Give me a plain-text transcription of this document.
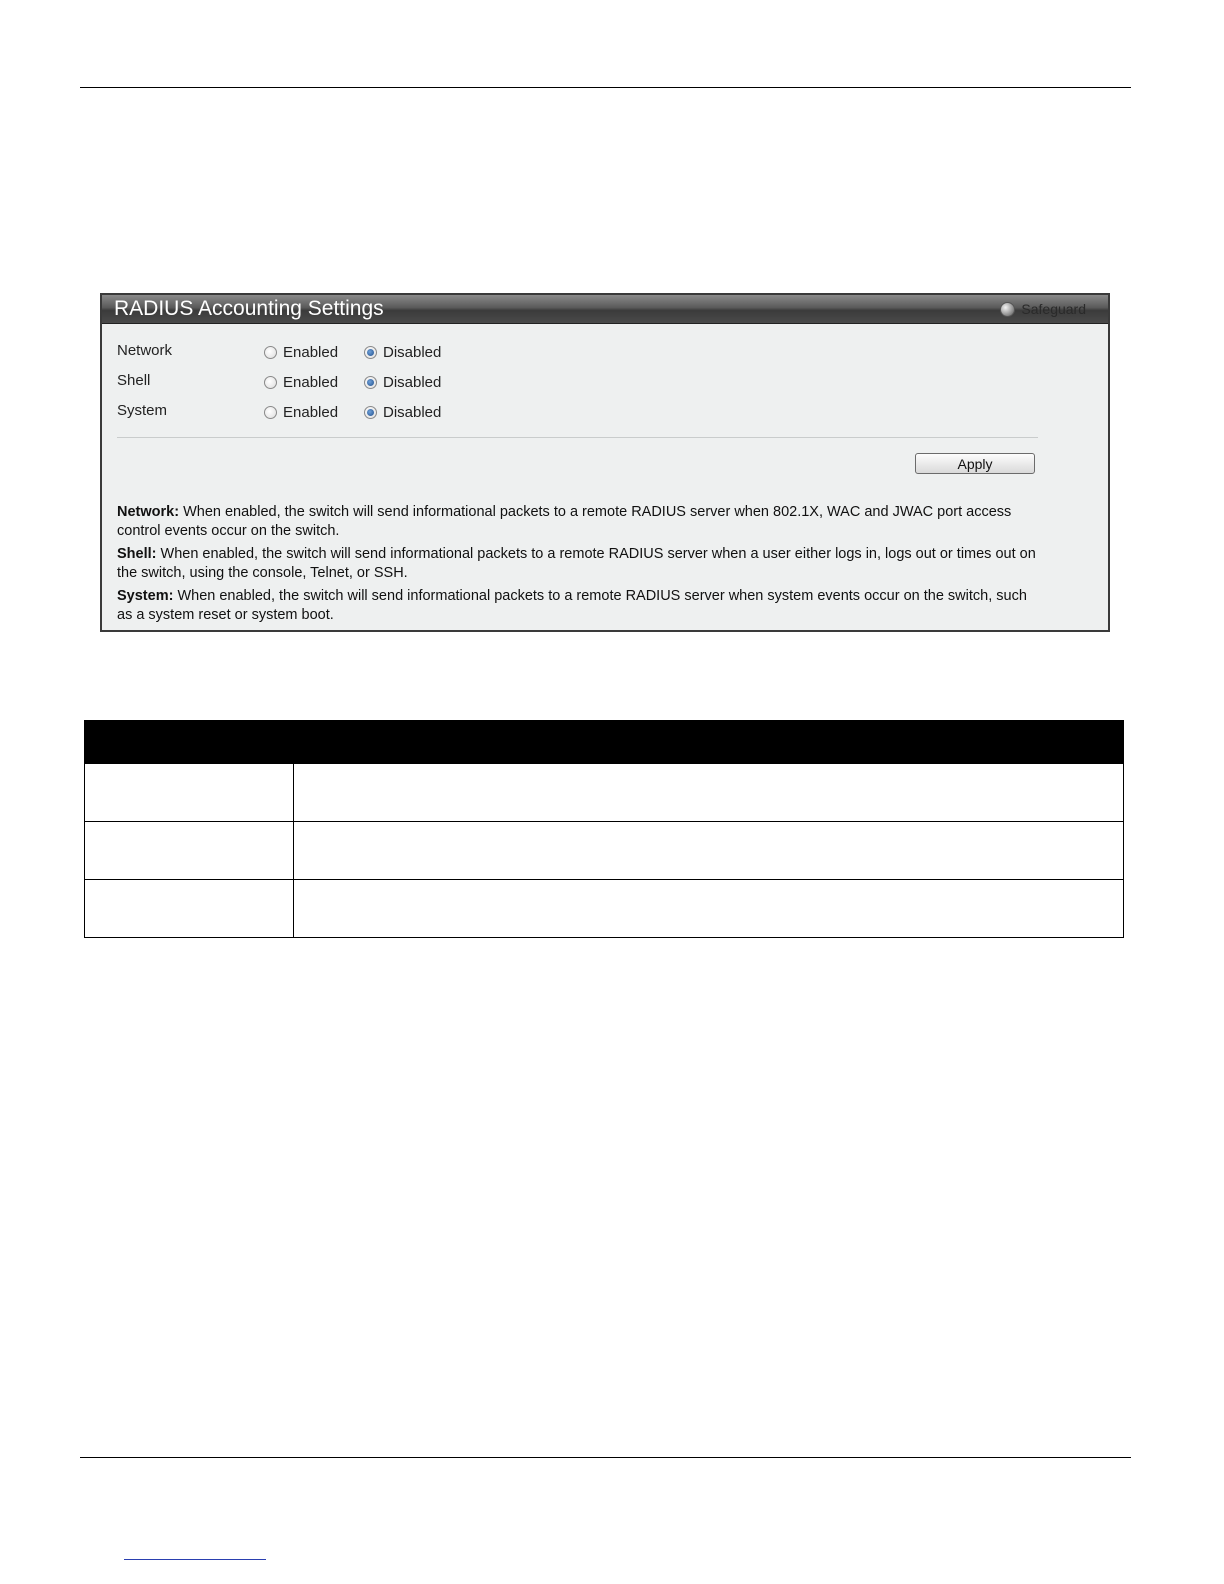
RADIUS Accounting Settings	Safeguard
Network	Enabled	Disabled
Shell	Enabled	Disabled
System	Enabled	Disabled
Apply
Network: When enabled, the switch will send informational packets to a remote RADIUS server when 802.1X, WAC and JWAC port access control events occur on the switch.
Shell: When enabled, the switch will send informational packets to a remote RADIUS server when a user either logs in, logs out or times out on the switch, using the console, Telnet, or SSH.
System: When enabled, the switch will send informational packets to a remote RADIUS server when system events occur on the switch, such as a system reset or system boot.
